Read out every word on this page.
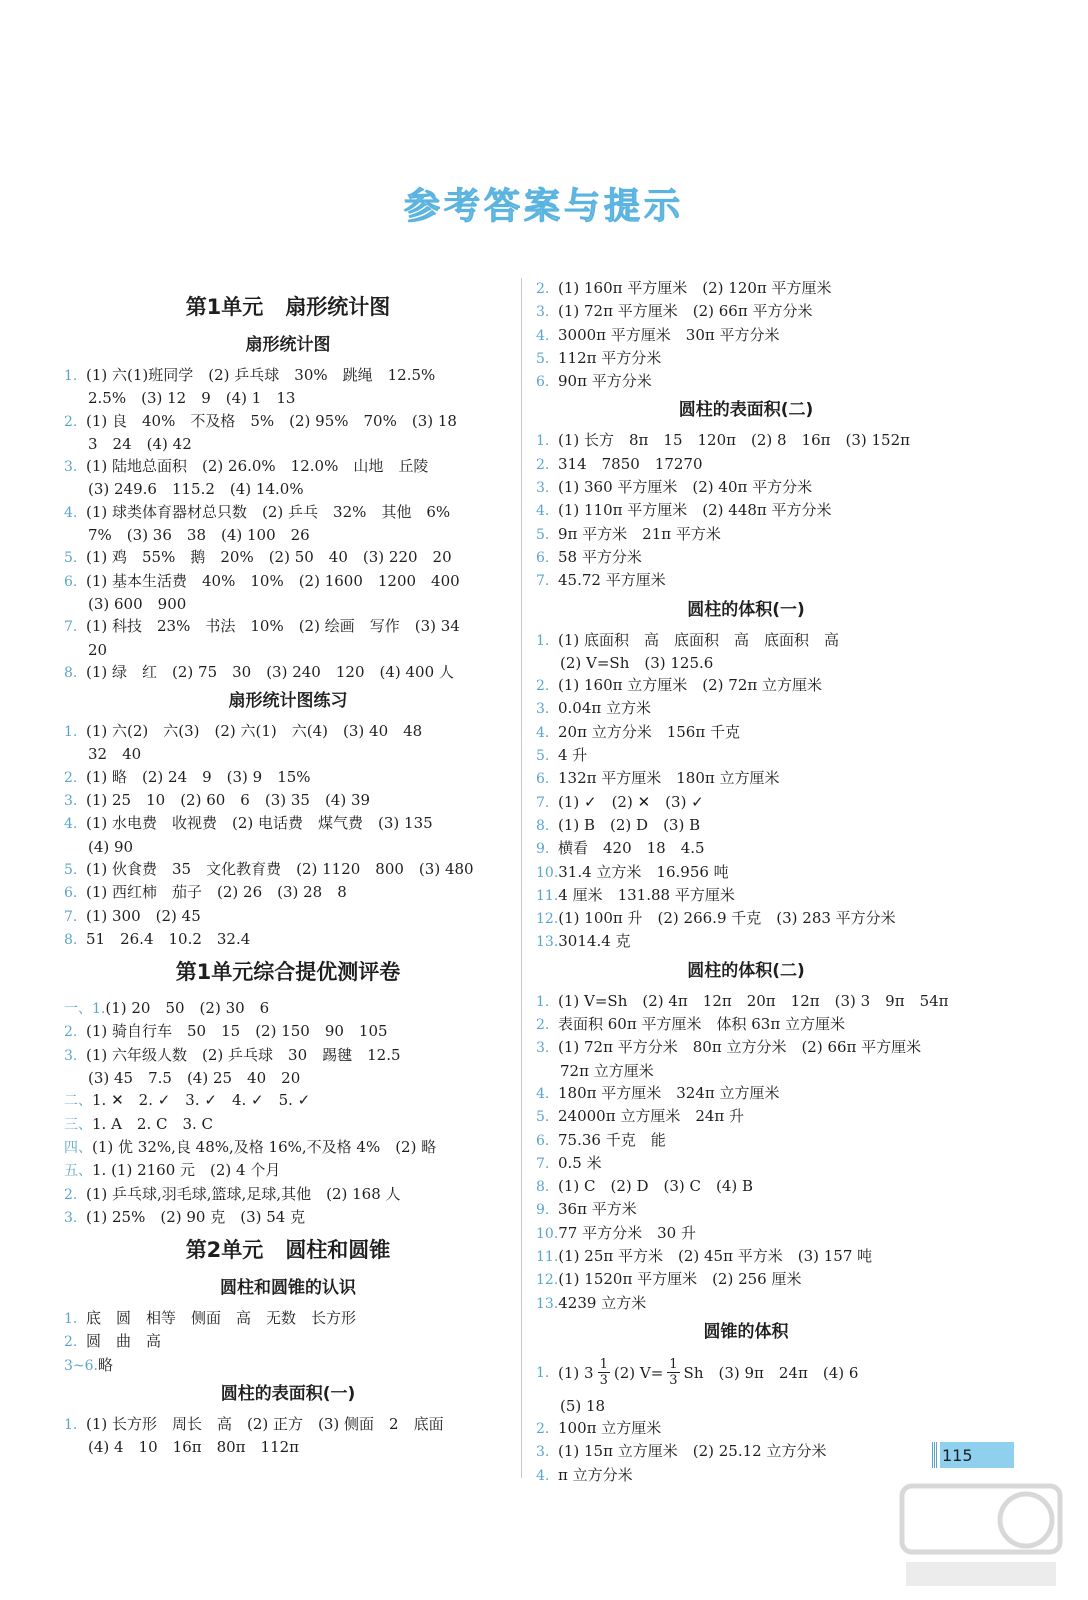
参考答案与提示
第1单元 扇形统计图
扇形统计图
1. (1) 六(1)班同学　(2) 乒乓球　30%　跳绳　12.5%
2.5%　(3) 12　9　(4) 1　13
2. (1) 良　40%　不及格　5%　(2) 95%　70%　(3) 18
3　24　(4) 42
3. (1) 陆地总面积　(2) 26.0%　12.0%　山地　丘陵
(3) 249.6　115.2　(4) 14.0%
4. (1) 球类体育器材总只数　(2) 乒乓　32%　其他　6%
7%　(3) 36　38　(4) 100　26
5. (1) 鸡　55%　鹅　20%　(2) 50　40　(3) 220　20
6. (1) 基本生活费　40%　10%　(2) 1600　1200　400
(3) 600　900
7. (1) 科技　23%　书法　10%　(2) 绘画　写作　(3) 34
20
8. (1) 绿　红　(2) 75　30　(3) 240　120　(4) 400 人
扇形统计图练习
1. (1) 六(2)　六(3)　(2) 六(1)　六(4)　(3) 40　48
32　40
2. (1) 略　(2) 24　9　(3) 9　15%
3. (1) 25　10　(2) 60　6　(3) 35　(4) 39
4. (1) 水电费　收视费　(2) 电话费　煤气费　(3) 135
(4) 90
5. (1) 伙食费　35　文化教育费　(2) 1120　800　(3) 480
6. (1) 西红柿　茄子　(2) 26　(3) 28　8
7. (1) 300　(2) 45
8. 51　26.4　10.2　32.4
第1单元综合提优测评卷
一、1.(1) 20　50　(2) 30　6
2. (1) 骑自行车　50　15　(2) 150　90　105
3. (1) 六年级人数　(2) 乒乓球　30　踢毽　12.5
(3) 45　7.5　(4) 25　40　20
二、1. ✕　2. ✓　3. ✓　4. ✓　5. ✓
三、1. A　2. C　3. C
四、(1) 优 32%,良 48%,及格 16%,不及格 4%　(2) 略
五、1. (1) 2160 元　(2) 4 个月
2. (1) 乒乓球,羽毛球,篮球,足球,其他　(2) 168 人
3. (1) 25%　(2) 90 克　(3) 54 克
第2单元 圆柱和圆锥
圆柱和圆锥的认识
1. 底　圆　相等　侧面　高　无数　长方形
2. 圆　曲　高
3~6.略
圆柱的表面积(一)
1. (1) 长方形　周长　高　(2) 正方　(3) 侧面　2　底面
(4) 4　10　16π　80π　112π
2. (1) 160π 平方厘米　(2) 120π 平方厘米
3. (1) 72π 平方厘米　(2) 66π 平方分米
4. 3000π 平方厘米　30π 平方分米
5. 112π 平方分米
6. 90π 平方分米
圆柱的表面积(二)
1. (1) 长方　8π　15　120π　(2) 8　16π　(3) 152π
2. 314　7850　17270
3. (1) 360 平方厘米　(2) 40π 平方分米
4. (1) 110π 平方厘米　(2) 448π 平方分米
5. 9π 平方米　21π 平方米
6. 58 平方分米
7. 45.72 平方厘米
圆柱的体积(一)
1. (1) 底面积　高　底面积　高　底面积　高
(2) V=Sh　(3) 125.6
2. (1) 160π 立方厘米　(2) 72π 立方厘米
3. 0.04π 立方米
4. 20π 立方分米　156π 千克
5. 4 升
6. 132π 平方厘米　180π 立方厘米
7. (1) ✓　(2) ✕　(3) ✓
8. (1) B　(2) D　(3) B
9. 横看　420　18　4.5
10.31.4 立方米　16.956 吨
11.4 厘米　131.88 平方厘米
12.(1) 100π 升　(2) 266.9 千克　(3) 283 平方分米
13.3014.4 克
圆柱的体积(二)
1. (1) V=Sh　(2) 4π　12π　20π　12π　(3) 3　9π　54π
2. 表面积 60π 平方厘米　体积 63π 立方厘米
3. (1) 72π 平方分米　80π 立方分米　(2) 66π 平方厘米
72π 立方厘米
4. 180π 平方厘米　324π 立方厘米
5. 24000π 立方厘米　24π 升
6. 75.36 千克　能
7. 0.5 米
8. (1) C　(2) D　(3) C　(4) B
9. 36π 平方米
10.77 平方分米　30 升
11.(1) 25π 平方米　(2) 45π 平方米　(3) 157 吨
12.(1) 1520π 平方厘米　(2) 256 厘米
13.4239 立方米
圆锥的体积
1. (1) $3 \frac{1}{3} (2)$ $V= \frac{1}{3}$ Sh　(3) 9π　24π　(4) 6
(5) 18
2. 100π 立方厘米
3. (1) 15π 立方厘米　(2) 25.12 立方分米
4. π 立方分米
115
